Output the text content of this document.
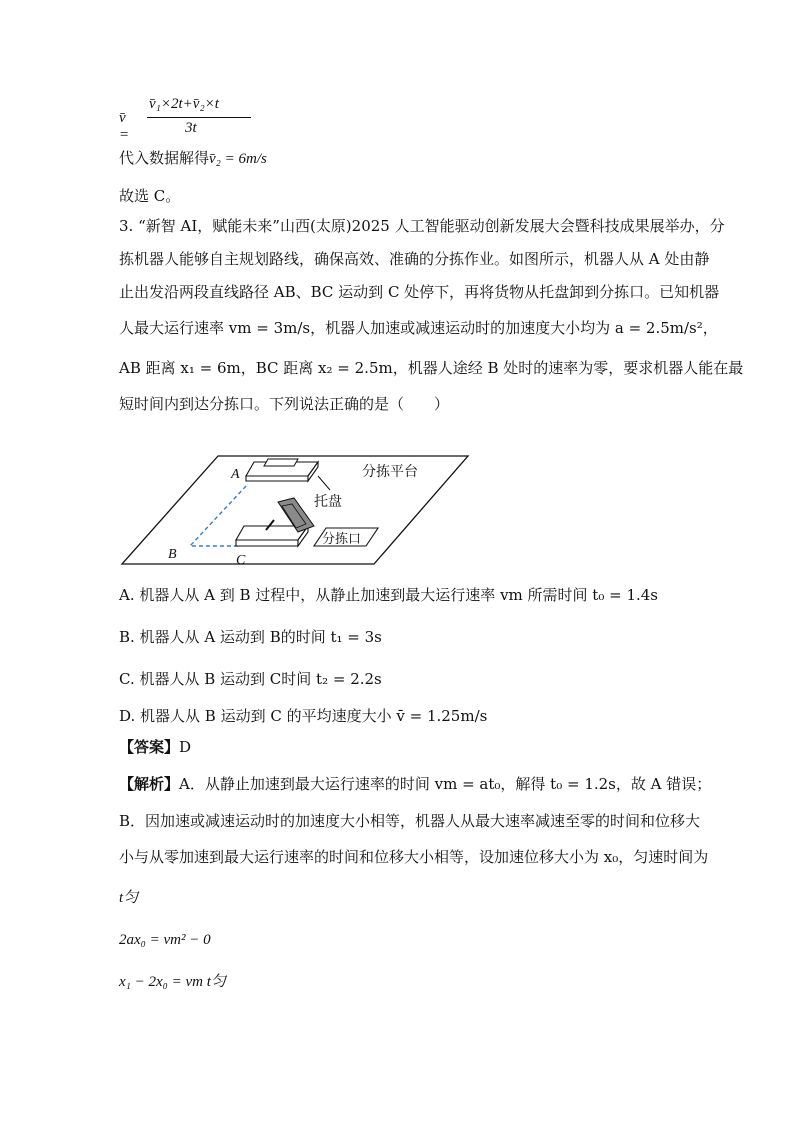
v̄ =
v̄₁×2t+v̄₂×t
3t
代入数据解得v̄₂ = 6m/s
故选 C。
3. “新智 AI，赋能未来”山西(太原)2025 人工智能驱动创新发展大会暨科技成果展举办，分
拣机器人能够自主规划路线，确保高效、准确的分拣作业。如图所示，机器人从 A 处由静
止出发沿两段直线路径 AB、BC 运动到 C 处停下，再将货物从托盘卸到分拣口。已知机器
人最大运行速率 vm = 3m/s，机器人加速或减速运动时的加速度大小均为 a = 2.5m/s²，
AB 距离 x₁ = 6m，BC 距离 x₂ = 2.5m，机器人途经 B 处时的速率为零，要求机器人能在最
短时间内到达分拣口。下列说法正确的是（　　）
分拣平台
托盘
分拣口
A
B	C
A. 机器人从 A 到 B 过程中，从静止加速到最大运行速率 vm 所需时间 t₀ = 1.4s
B. 机器人从 A 运动到 B的时间 t₁ = 3s
C. 机器人从 B 运动到 C时间 t₂ = 2.2s
D. 机器人从 B 运动到 C 的平均速度大小 v̄ = 1.25m/s
【答案】D
【解析】A．从静止加速到最大运行速率的时间 vm = at₀，解得 t₀ = 1.2s，故 A 错误；
B．因加速或减速运动时的加速度大小相等，机器人从最大速率减速至零的时间和位移大
小与从零加速到最大运行速率的时间和位移大小相等，设加速位移大小为 x₀，匀速时间为
t匀
2ax₀ = vm² − 0
x₁ − 2x₀ = vm t匀
